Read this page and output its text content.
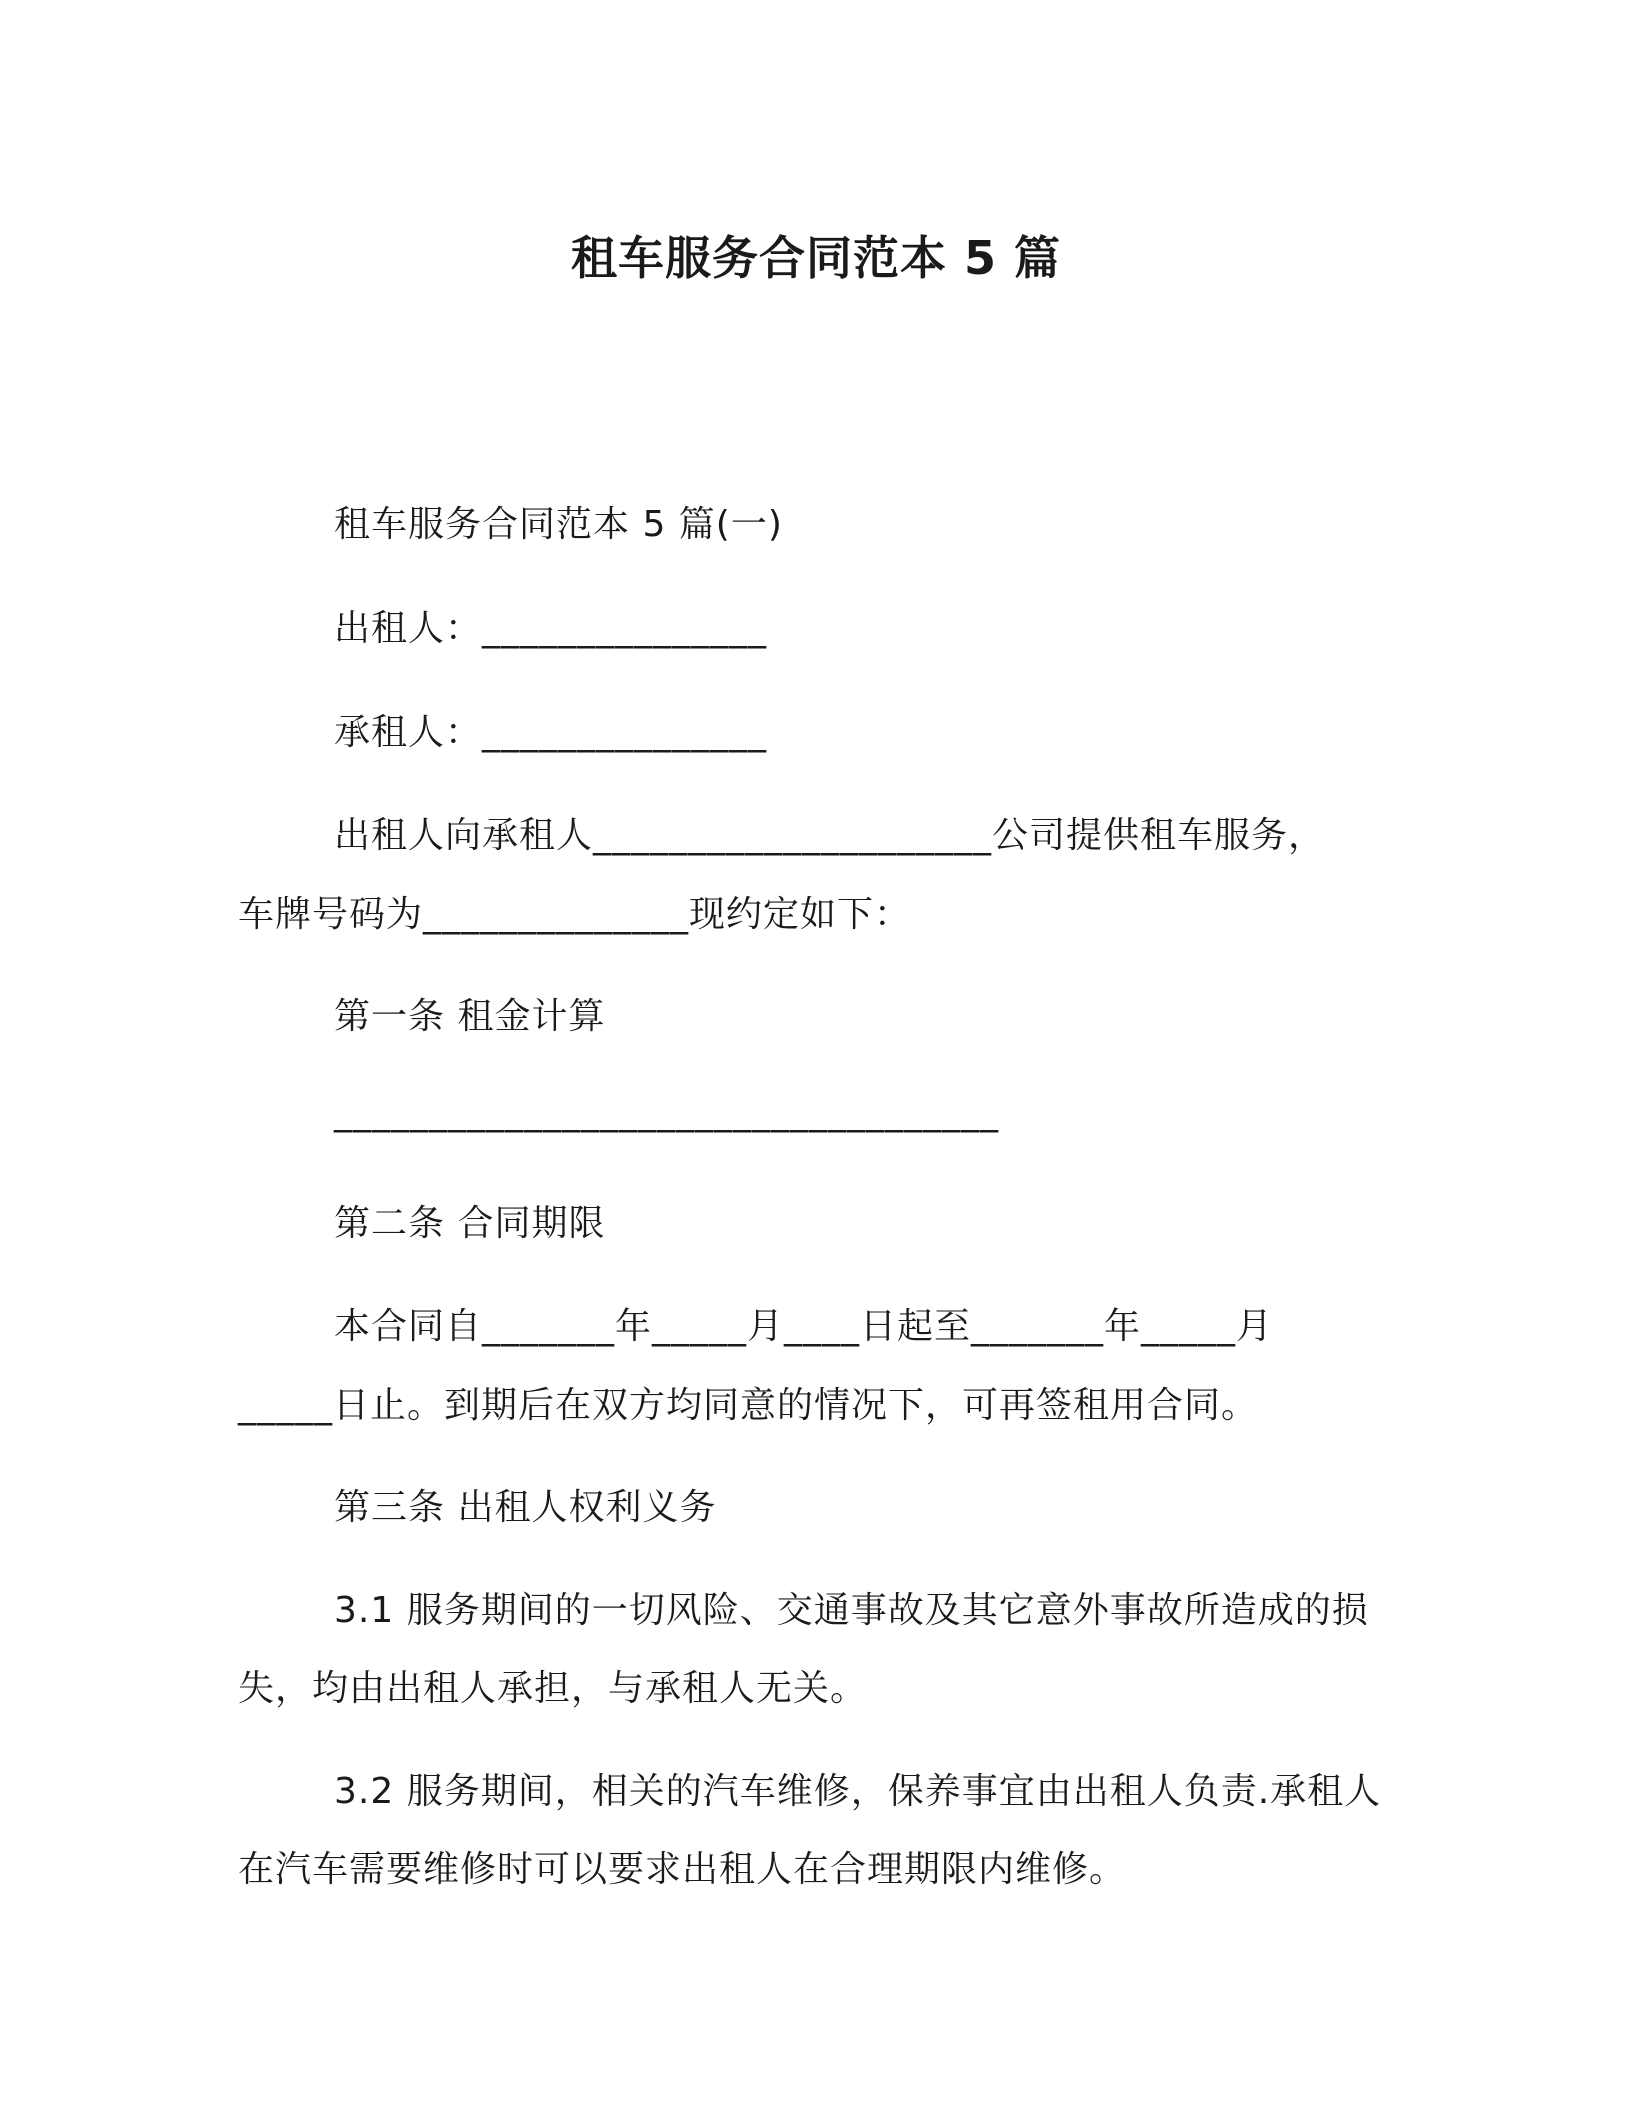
租车服务合同范本 5 篇
租车服务合同范本 5 篇(一)
出租人：_______________
承租人：_______________
出租人向承租人_____________________公司提供租车服务，
车牌号码为______________现约定如下：
第一条 租金计算
___________________________________
第二条 合同期限
本合同自_______年_____月____日起至_______年_____月
_____日止。到期后在双方均同意的情况下，可再签租用合同。
第三条 出租人权利义务
3.1 服务期间的一切风险、交通事故及其它意外事故所造成的损
失，均由出租人承担，与承租人无关。
3.2 服务期间，相关的汽车维修，保养事宜由出租人负责.承租人
在汽车需要维修时可以要求出租人在合理期限内维修。
